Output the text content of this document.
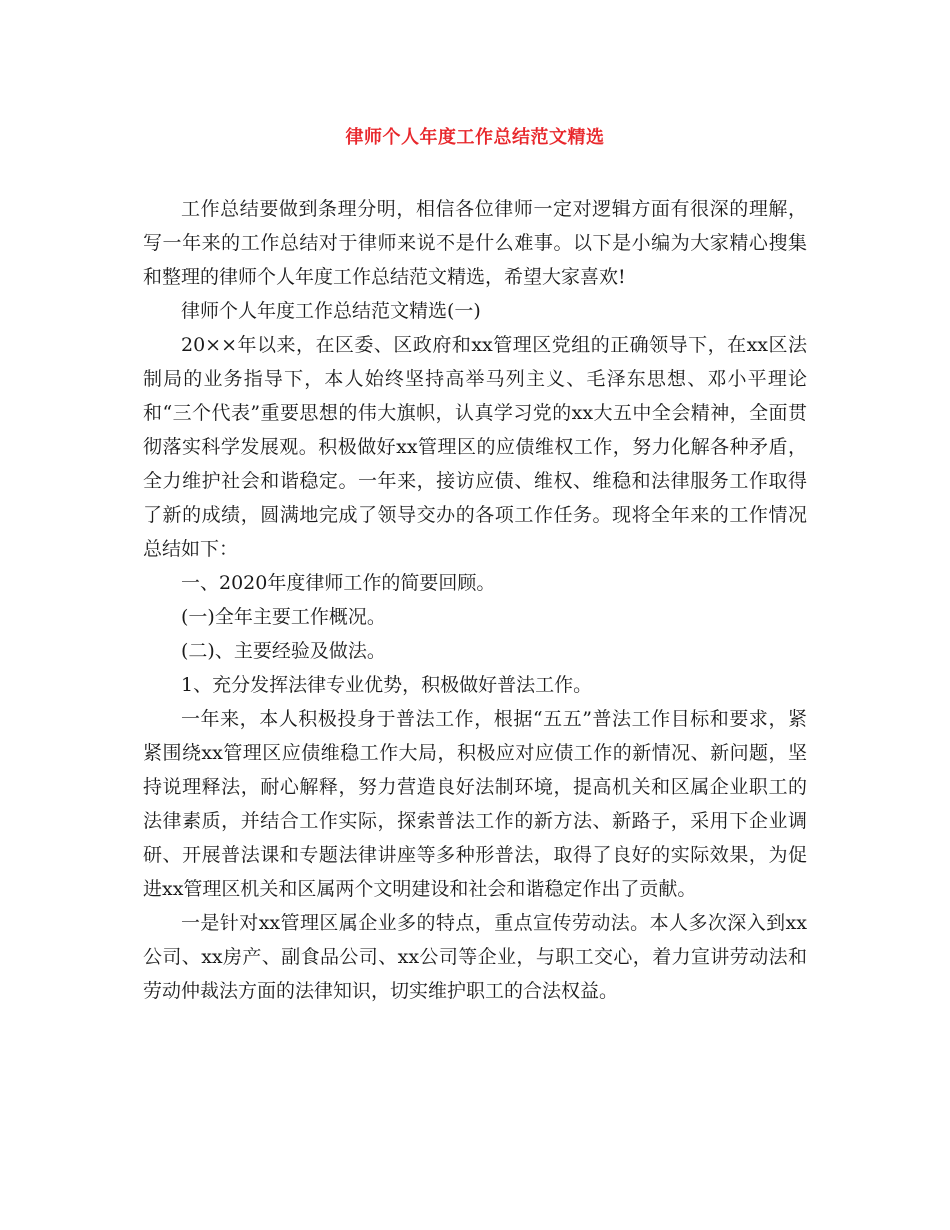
律师个人年度工作总结范文精选

工作总结要做到条理分明，相信各位律师一定对逻辑方面有很深的理解，写一年来的工作总结对于律师来说不是什么难事。以下是小编为大家精心搜集和整理的律师个人年度工作总结范文精选，希望大家喜欢!

律师个人年度工作总结范文精选(一)

20××年以来，在区委、区政府和xx管理区党组的正确领导下，在xx区法制局的业务指导下，本人始终坚持高举马列主义、毛泽东思想、邓小平理论和“三个代表”重要思想的伟大旗帜，认真学习党的xx大五中全会精神，全面贯彻落实科学发展观。积极做好xx管理区的应债维权工作，努力化解各种矛盾，全力维护社会和谐稳定。一年来，接访应债、维权、维稳和法律服务工作取得了新的成绩，圆满地完成了领导交办的各项工作任务。现将全年来的工作情况总结如下：

一、2020年度律师工作的简要回顾。

(一)全年主要工作概况。

(二)、主要经验及做法。

1、充分发挥法律专业优势，积极做好普法工作。

一年来，本人积极投身于普法工作，根据“五五”普法工作目标和要求，紧紧围绕xx管理区应债维稳工作大局，积极应对应债工作的新情况、新问题，坚持说理释法，耐心解释，努力营造良好法制环境，提高机关和区属企业职工的法律素质，并结合工作实际，探索普法工作的新方法、新路子，采用下企业调研、开展普法课和专题法律讲座等多种形普法，取得了良好的实际效果，为促进xx管理区机关和区属两个文明建设和社会和谐稳定作出了贡献。

一是针对xx管理区属企业多的特点，重点宣传劳动法。本人多次深入到xx公司、xx房产、副食品公司、xx公司等企业，与职工交心，着力宣讲劳动法和劳动仲裁法方面的法律知识，切实维护职工的合法权益。
